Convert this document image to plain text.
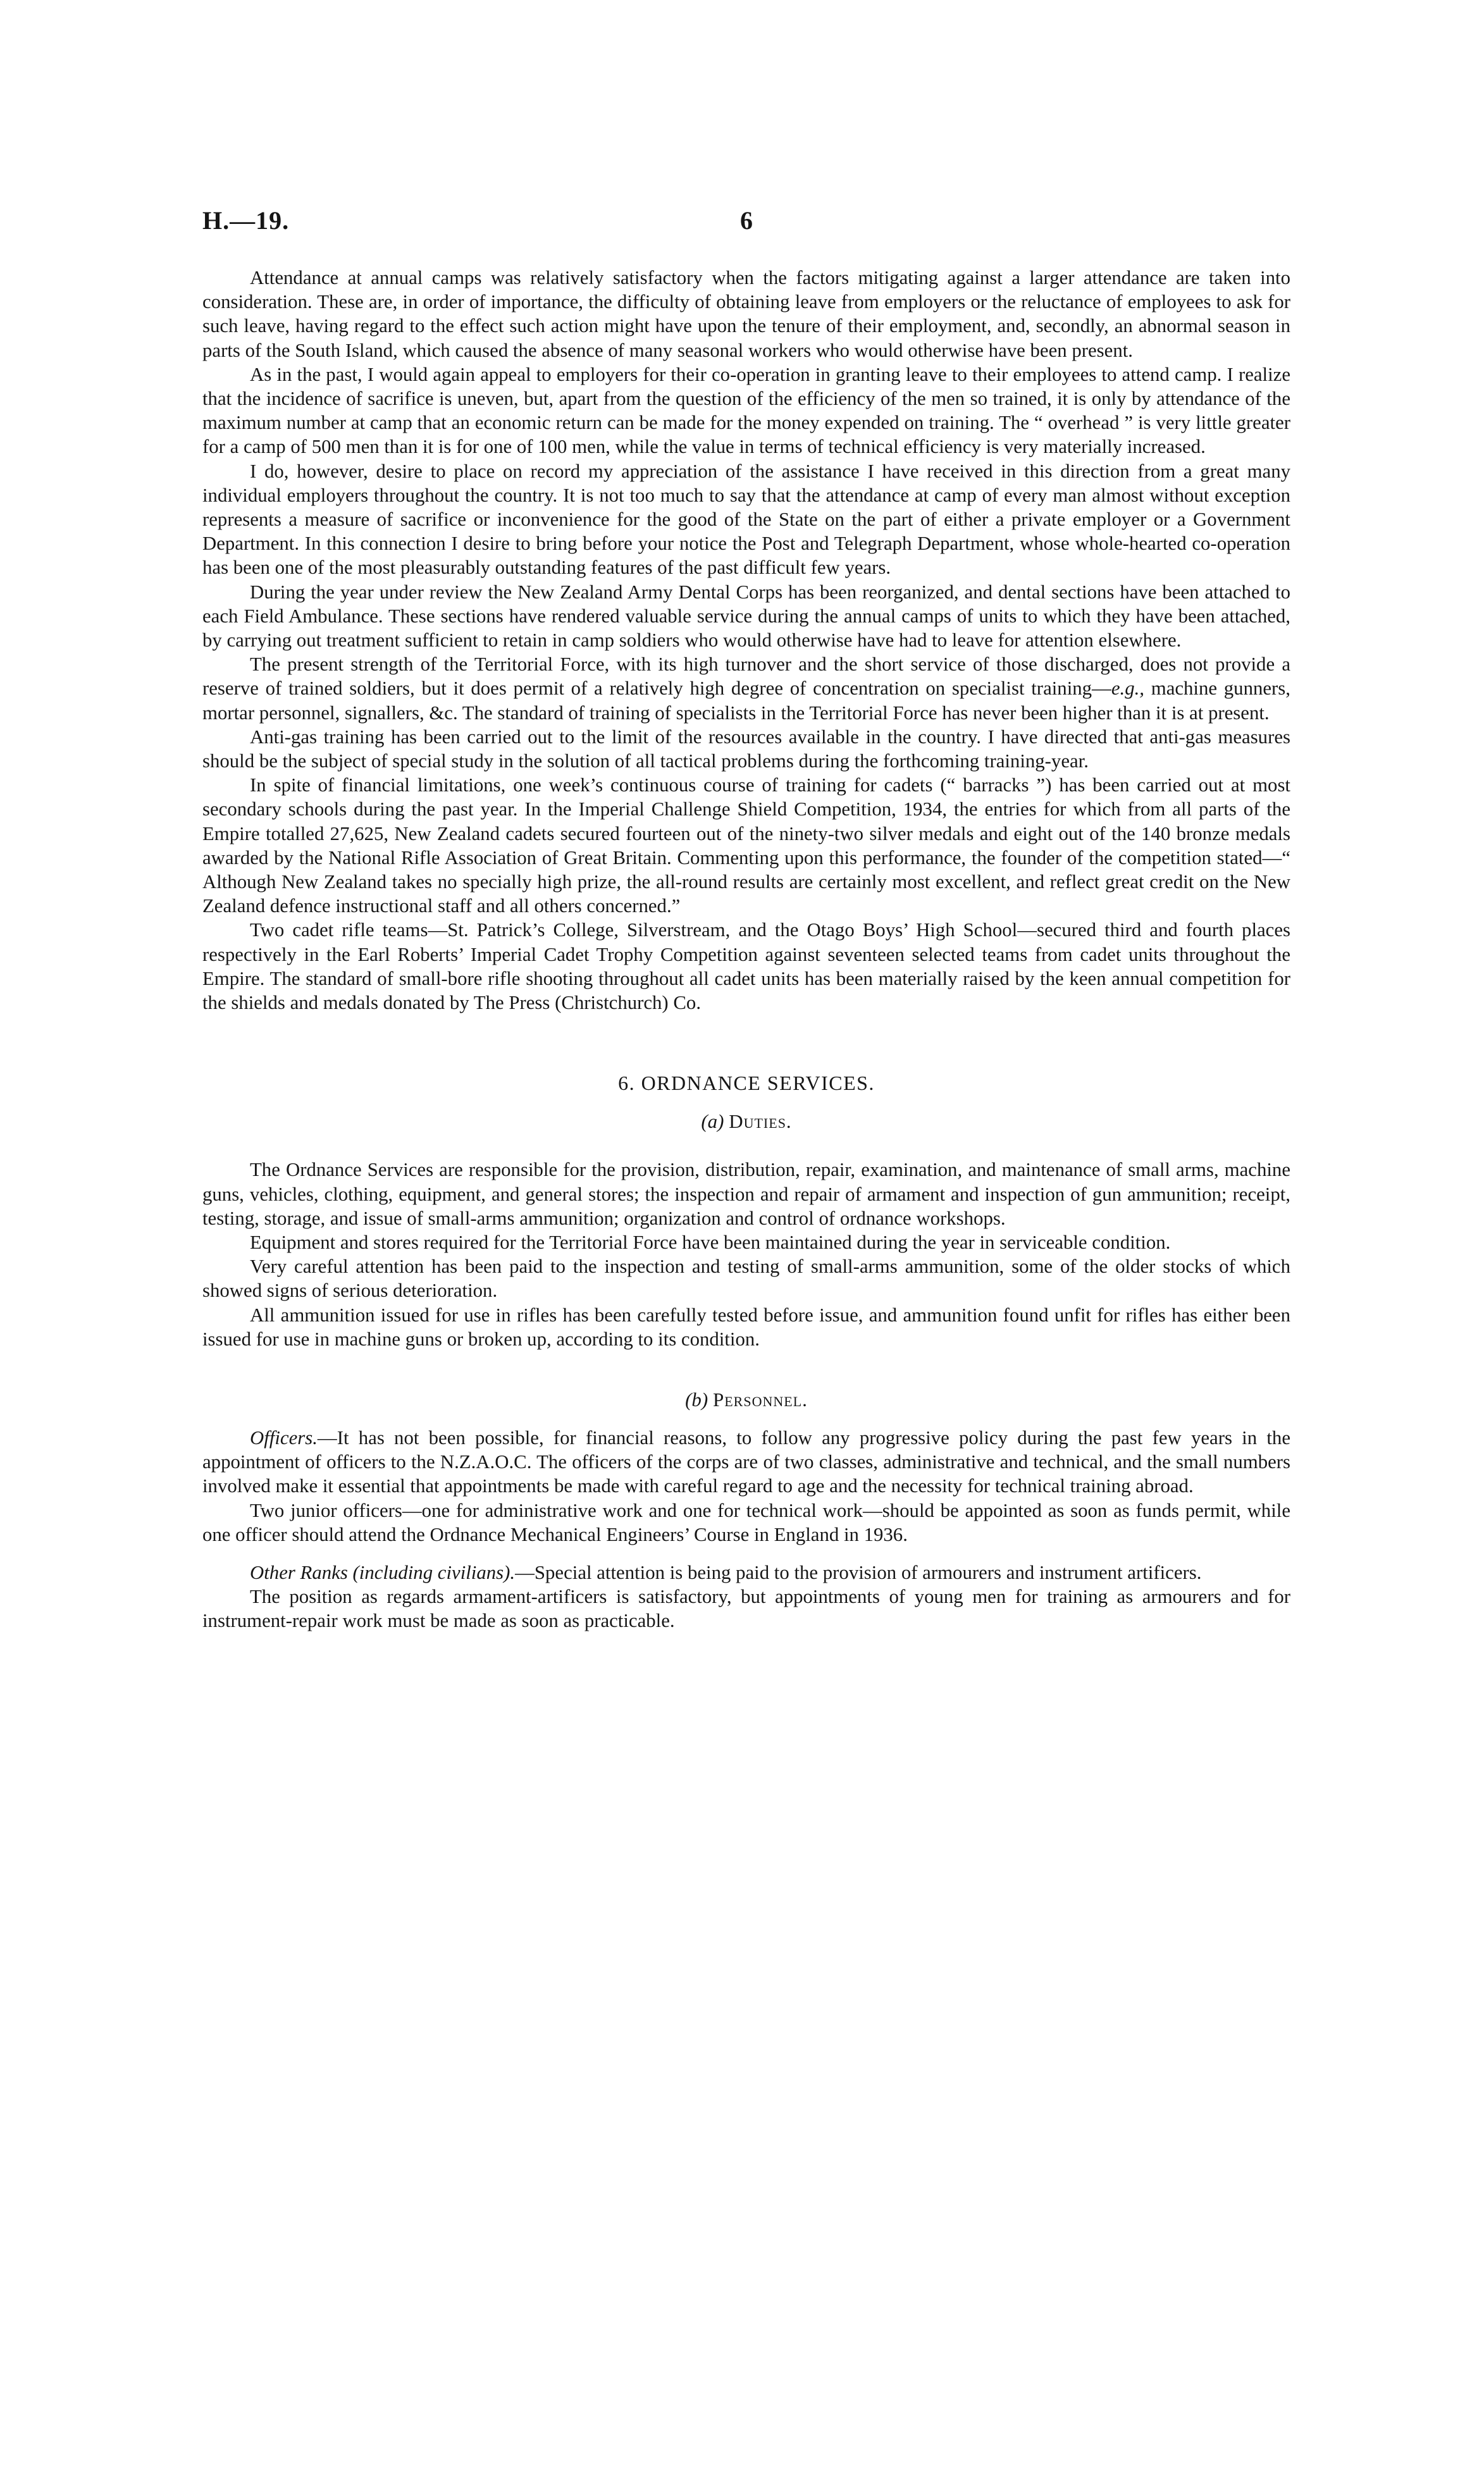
H.—19.	6

Attendance at annual camps was relatively satisfactory when the factors mitigating against a larger attendance are taken into consideration. These are, in order of importance, the difficulty of obtaining leave from employers or the reluctance of employees to ask for such leave, having regard to the effect such action might have upon the tenure of their employment, and, secondly, an abnormal season in parts of the South Island, which caused the absence of many seasonal workers who would otherwise have been present.

As in the past, I would again appeal to employers for their co-operation in granting leave to their employees to attend camp. I realize that the incidence of sacrifice is uneven, but, apart from the question of the efficiency of the men so trained, it is only by attendance of the maximum number at camp that an economic return can be made for the money expended on training. The “ overhead ” is very little greater for a camp of 500 men than it is for one of 100 men, while the value in terms of technical efficiency is very materially increased.

I do, however, desire to place on record my appreciation of the assistance I have received in this direction from a great many individual employers throughout the country. It is not too much to say that the attendance at camp of every man almost without exception represents a measure of sacrifice or inconvenience for the good of the State on the part of either a private employer or a Government Department. In this connection I desire to bring before your notice the Post and Telegraph Department, whose whole-hearted co-operation has been one of the most pleasurably outstanding features of the past difficult few years.

During the year under review the New Zealand Army Dental Corps has been reorganized, and dental sections have been attached to each Field Ambulance. These sections have rendered valuable service during the annual camps of units to which they have been attached, by carrying out treatment sufficient to retain in camp soldiers who would otherwise have had to leave for attention elsewhere.

The present strength of the Territorial Force, with its high turnover and the short service of those discharged, does not provide a reserve of trained soldiers, but it does permit of a relatively high degree of concentration on specialist training—e.g., machine gunners, mortar personnel, signallers, &c. The standard of training of specialists in the Territorial Force has never been higher than it is at present.

Anti-gas training has been carried out to the limit of the resources available in the country. I have directed that anti-gas measures should be the subject of special study in the solution of all tactical problems during the forthcoming training-year.

In spite of financial limitations, one week’s continuous course of training for cadets (“ barracks ”) has been carried out at most secondary schools during the past year. In the Imperial Challenge Shield Competition, 1934, the entries for which from all parts of the Empire totalled 27,625, New Zealand cadets secured fourteen out of the ninety-two silver medals and eight out of the 140 bronze medals awarded by the National Rifle Association of Great Britain. Commenting upon this performance, the founder of the competition stated—“ Although New Zealand takes no specially high prize, the all-round results are certainly most excellent, and reflect great credit on the New Zealand defence instructional staff and all others concerned.”

Two cadet rifle teams—St. Patrick’s College, Silverstream, and the Otago Boys’ High School—secured third and fourth places respectively in the Earl Roberts’ Imperial Cadet Trophy Competition against seventeen selected teams from cadet units throughout the Empire. The standard of small-bore rifle shooting throughout all cadet units has been materially raised by the keen annual competition for the shields and medals donated by The Press (Christchurch) Co.

6. ORDNANCE SERVICES.

(a) Duties.

The Ordnance Services are responsible for the provision, distribution, repair, examination, and maintenance of small arms, machine guns, vehicles, clothing, equipment, and general stores; the inspection and repair of armament and inspection of gun ammunition; receipt, testing, storage, and issue of small-arms ammunition; organization and control of ordnance workshops.

Equipment and stores required for the Territorial Force have been maintained during the year in serviceable condition.

Very careful attention has been paid to the inspection and testing of small-arms ammunition, some of the older stocks of which showed signs of serious deterioration.

All ammunition issued for use in rifles has been carefully tested before issue, and ammunition found unfit for rifles has either been issued for use in machine guns or broken up, according to its condition.

(b) Personnel.

Officers.—It has not been possible, for financial reasons, to follow any progressive policy during the past few years in the appointment of officers to the N.Z.A.O.C. The officers of the corps are of two classes, administrative and technical, and the small numbers involved make it essential that appointments be made with careful regard to age and the necessity for technical training abroad.

Two junior officers—one for administrative work and one for technical work—should be appointed as soon as funds permit, while one officer should attend the Ordnance Mechanical Engineers’ Course in England in 1936.

Other Ranks (including civilians).—Special attention is being paid to the provision of armourers and instrument artificers.

The position as regards armament-artificers is satisfactory, but appointments of young men for training as armourers and for instrument-repair work must be made as soon as practicable.
